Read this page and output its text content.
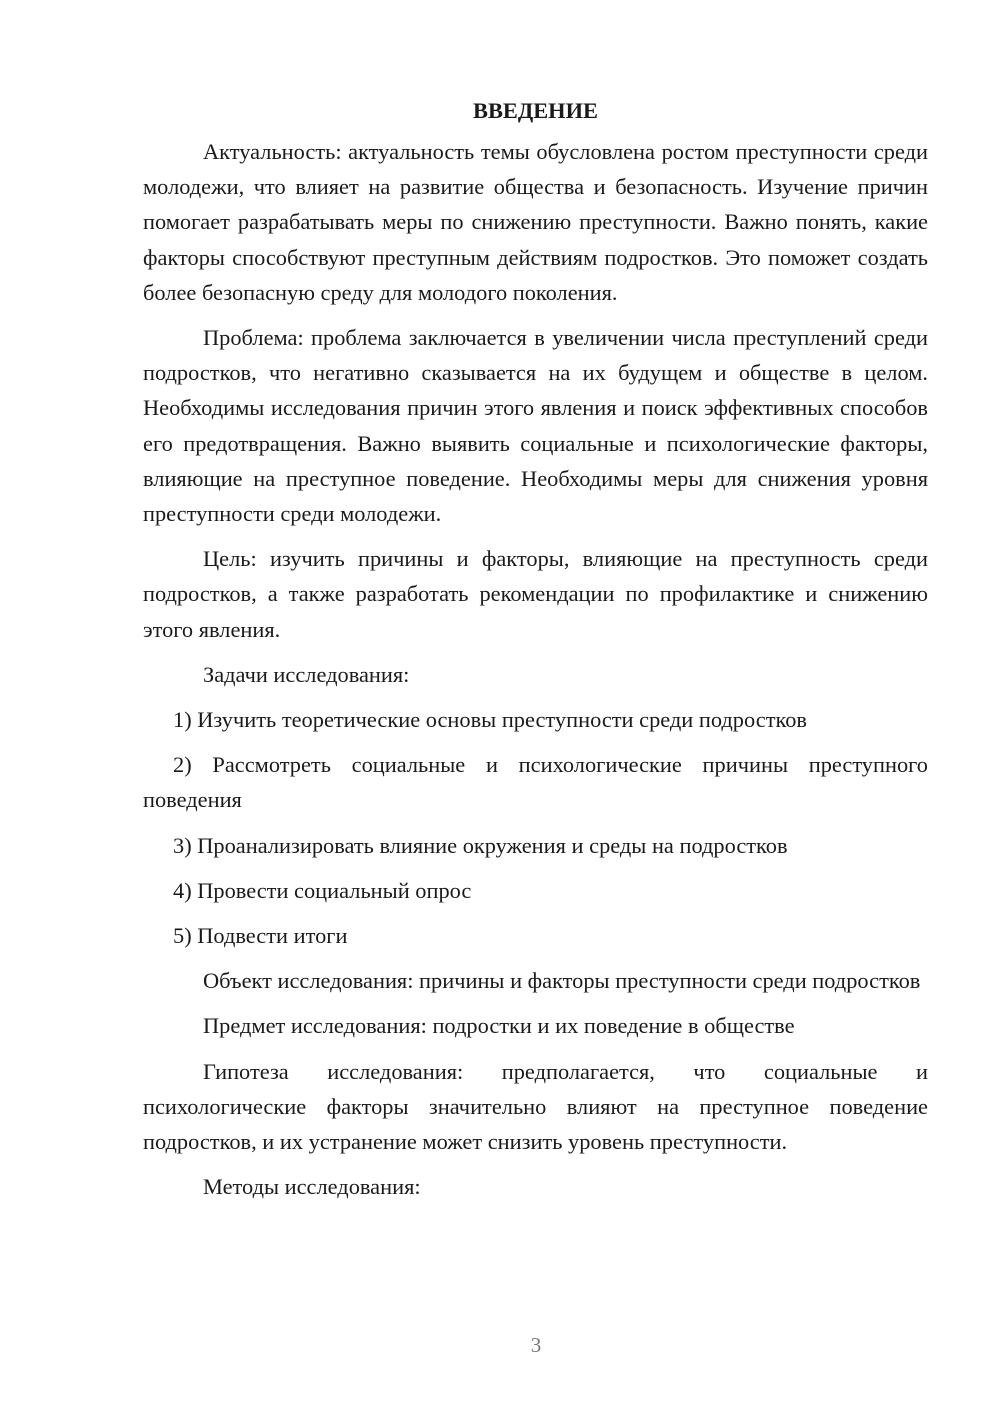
ВВЕДЕНИЕ

Актуальность: актуальность темы обусловлена ростом преступности среди молодежи, что влияет на развитие общества и безопасность. Изучение причин помогает разрабатывать меры по снижению преступности. Важно понять, какие факторы способствуют преступным действиям подростков. Это поможет создать более безопасную среду для молодого поколения.

Проблема: проблема заключается в увеличении числа преступлений среди подростков, что негативно сказывается на их будущем и обществе в целом. Необходимы исследования причин этого явления и поиск эффективных способов его предотвращения. Важно выявить социальные и психологические факторы, влияющие на преступное поведение. Необходимы меры для снижения уровня преступности среди молодежи.

Цель: изучить причины и факторы, влияющие на преступность среди подростков, а также разработать рекомендации по профилактике и снижению этого явления.

Задачи исследования:

1) Изучить теоретические основы преступности среди подростков

2) Рассмотреть социальные и психологические причины преступного поведения

3) Проанализировать влияние окружения и среды на подростков

4) Провести социальный опрос

5) Подвести итоги

Объект исследования: причины и факторы преступности среди подростков

Предмет исследования: подростки и их поведение в обществе

Гипотеза исследования: предполагается, что социальные и психологические факторы значительно влияют на преступное поведение подростков, и их устранение может снизить уровень преступности.

Методы исследования:

3
